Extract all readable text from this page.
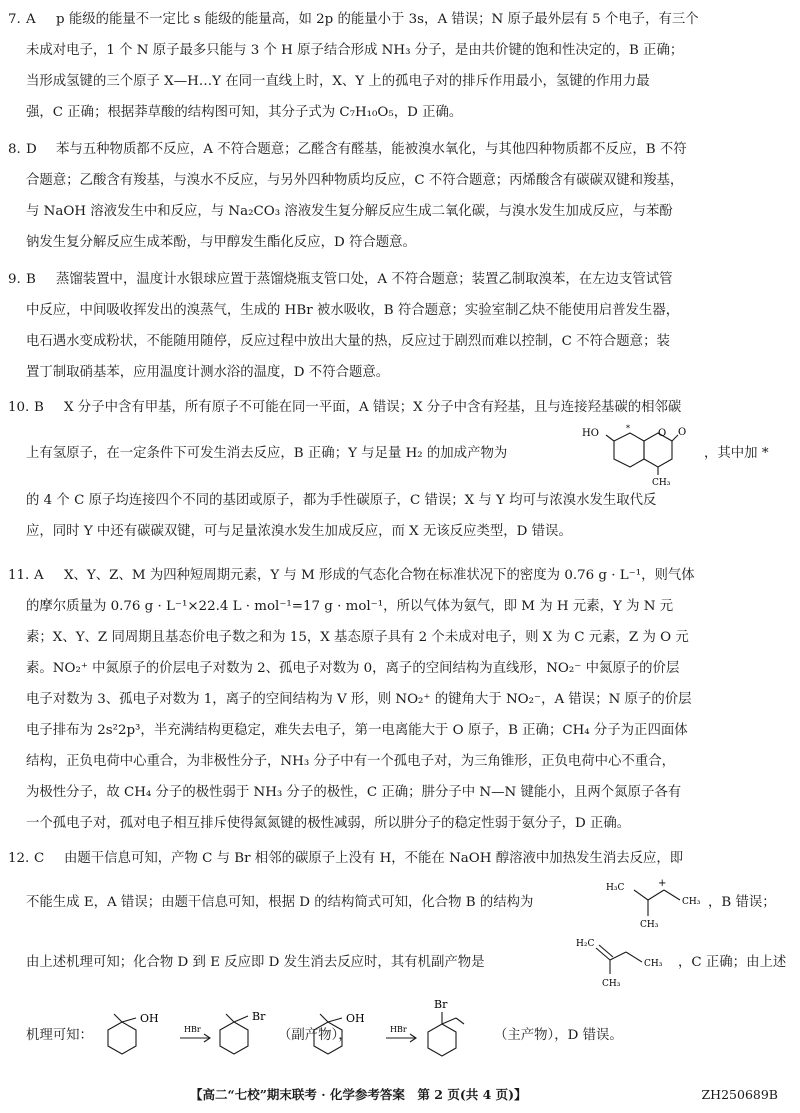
7. A p 能级的能量不一定比 s 能级的能量高，如 2p 的能量小于 3s，A 错误；N 原子最外层有 5 个电子，有三个
未成对电子，1 个 N 原子最多只能与 3 个 H 原子结合形成 NH₃ 分子，是由共价键的饱和性决定的，B 正确；
当形成氢键的三个原子 X—H…Y 在同一直线上时，X、Y 上的孤电子对的排斥作用最小，氢键的作用力最
强，C 正确；根据莽草酸的结构图可知，其分子式为 C₇H₁₀O₅，D 正确。
8. D 苯与五种物质都不反应，A 不符合题意；乙醛含有醛基，能被溴水氧化，与其他四种物质都不反应，B 不符
合题意；乙酸含有羧基，与溴水不反应，与另外四种物质均反应，C 不符合题意；丙烯酸含有碳碳双键和羧基，
与 NaOH 溶液发生中和反应，与 Na₂CO₃ 溶液发生复分解反应生成二氧化碳，与溴水发生加成反应，与苯酚
钠发生复分解反应生成苯酚，与甲醇发生酯化反应，D 符合题意。
9. B 蒸馏装置中，温度计水银球应置于蒸馏烧瓶支管口处，A 不符合题意；装置乙制取溴苯，在左边支管试管
中反应，中间吸收挥发出的溴蒸气，生成的 HBr 被水吸收，B 符合题意；实验室制乙炔不能使用启普发生器，
电石遇水变成粉状，不能随用随停，反应过程中放出大量的热，反应过于剧烈而难以控制，C 不符合题意；装
置丁制取硝基苯，应用温度计测水浴的温度，D 不符合题意。
10. B X 分子中含有甲基，所有原子不可能在同一平面，A 错误；X 分子中含有羟基，且与连接羟基碳的相邻碳
上有氢原子，在一定条件下可发生消去反应，B 正确；Y 与足量 H₂ 的加成产物为
HO	O O
CH₃
*
，其中加 *
的 4 个 C 原子均连接四个不同的基团或原子，都为手性碳原子，C 错误；X 与 Y 均可与浓溴水发生取代反
应，同时 Y 中还有碳碳双键，可与足量浓溴水发生加成反应，而 X 无该反应类型，D 错误。
11. A X、Y、Z、M 为四种短周期元素，Y 与 M 形成的气态化合物在标准状况下的密度为 0.76 g · L⁻¹，则气体
的摩尔质量为 0.76 g · L⁻¹×22.4 L · mol⁻¹=17 g · mol⁻¹，所以气体为氨气，即 M 为 H 元素，Y 为 N 元
素；X、Y、Z 同周期且基态价电子数之和为 15，X 基态原子具有 2 个未成对电子，则 X 为 C 元素，Z 为 O 元
素。NO₂⁺ 中氮原子的价层电子对数为 2、孤电子对数为 0，离子的空间结构为直线形，NO₂⁻ 中氮原子的价层
电子对数为 3、孤电子对数为 1，离子的空间结构为 V 形，则 NO₂⁺ 的键角大于 NO₂⁻，A 错误；N 原子的价层
电子排布为 2s²2p³，半充满结构更稳定，难失去电子，第一电离能大于 O 原子，B 正确；CH₄ 分子为正四面体
结构，正负电荷中心重合，为非极性分子，NH₃ 分子中有一个孤电子对，为三角锥形，正负电荷中心不重合，
为极性分子，故 CH₄ 分子的极性弱于 NH₃ 分子的极性，C 正确；肼分子中 N—N 键能小，且两个氮原子各有
一个孤电子对，孤对电子相互排斥使得氮氮键的极性减弱，所以肼分子的稳定性弱于氨分子，D 正确。
12. C 由题干信息可知，产物 C 与 Br 相邻的碳原子上没有 H，不能在 NaOH 醇溶液中加热发生消去反应，即
不能生成 E，A 错误；由题干信息可知，根据 D 的结构简式可知，化合物 B 的结构为
H₃C
CH₃
CH₃
+
，B 错误；
由上述机理可知；化合物 D 到 E 反应即 D 发生消去反应时，其有机副产物是
H₂C
CH₃
CH₃
，C 正确；由上述
机理可知：
OH
HBr
Br	OH
HBr
Br
（副产物），	（主产物），D 错误。
【高二“七校”期末联考 · 化学参考答案　第 2 页(共 4 页)】	ZH250689B
